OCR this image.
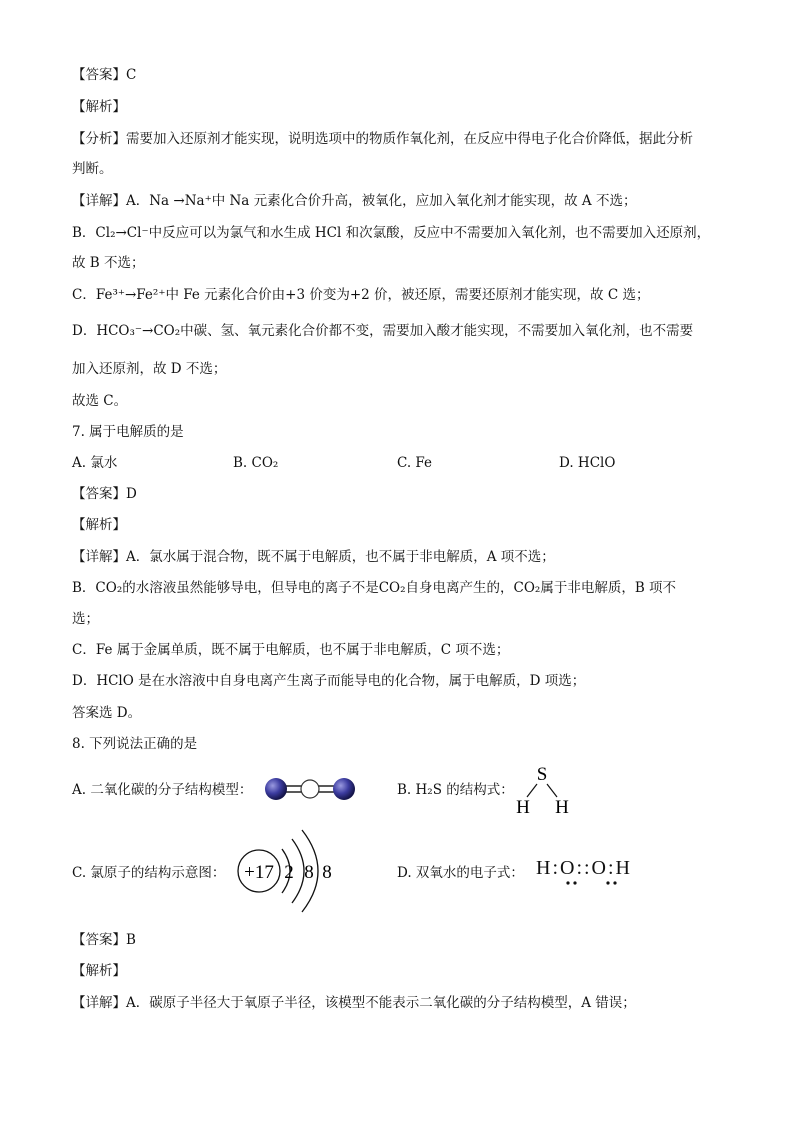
【答案】C
【解析】
【分析】需要加入还原剂才能实现，说明选项中的物质作氧化剂，在反应中得电子化合价降低，据此分析
判断。
【详解】A．Na →Na⁺中 Na 元素化合价升高，被氧化，应加入氧化剂才能实现，故 A 不选；
B．Cl₂→Cl⁻中反应可以为氯气和水生成 HCl 和次氯酸，反应中不需要加入氧化剂，也不需要加入还原剂，
故 B 不选；
C．Fe³⁺→Fe²⁺中 Fe 元素化合价由+3 价变为+2 价，被还原，需要还原剂才能实现，故 C 选；
D．HCO₃⁻→CO₂中碳、氢、氧元素化合价都不变，需要加入酸才能实现，不需要加入氧化剂，也不需要
加入还原剂，故 D 不选；
故选 C。
7. 属于电解质的是
A. 氯水	B. CO₂	C. Fe	D. HClO
【答案】D
【解析】
【详解】A．氯水属于混合物，既不属于电解质，也不属于非电解质，A 项不选；
B．CO₂的水溶液虽然能够导电，但导电的离子不是CO₂自身电离产生的，CO₂属于非电解质，B 项不
选；
C．Fe 属于金属单质，既不属于电解质，也不属于非电解质，C 项不选；
D．HClO 是在水溶液中自身电离产生离子而能导电的化合物，属于电解质，D 项选；
答案选 D。
8. 下列说法正确的是
A. 二氧化碳的分子结构模型：	B. H₂S 的结构式：
S
H H
C. 氯原子的结构示意图： +17 2 8 8	D. 双氧水的电子式： H:O::O:H
【答案】B
【解析】
【详解】A．碳原子半径大于氧原子半径，该模型不能表示二氧化碳的分子结构模型，A 错误；
